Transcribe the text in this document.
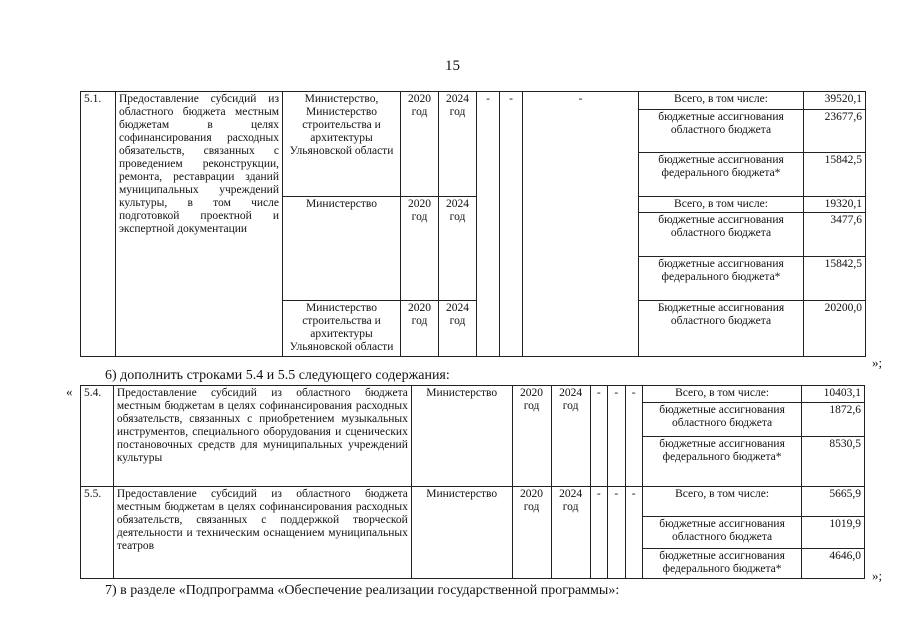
15
5.1.	Предоставление субсидий из областного бюджета местным бюджетам в целях софинансирования расходных обязательств, связанных с проведением реконструкции, ремонта, реставрации зданий муниципальных учреждений культуры, в том числе подготовкой проектной и экспертной документации	Министерство, Министерство строительства и архитектуры Ульяновской области	2020 год	2024 год	-	-	-	Всего, в том числе:	39520,1
								бюджетные ассигнования областного бюджета	23677,6
								бюджетные ассигнования федерального бюджета*	15842,5
		Министерство	2020 год	2024 год				Всего, в том числе:	19320,1
								бюджетные ассигнования областного бюджета	3477,6
								бюджетные ассигнования федерального бюджета*	15842,5
		Министерство строительства и архитектуры Ульяновской области	2020 год	2024 год				Бюджетные ассигнования областного бюджета	20200,0
»;
6) дополнить строками 5.4 и 5.5 следующего содержания:
« 5.4.	Предоставление субсидий из областного бюджета местным бюджетам в целях софинансирования расходных обязательств, связанных с приобретением музыкальных инструментов, специального оборудования и сценических постановочных средств для муниципальных учреждений культуры	Министерство	2020 год	2024 год	-	-	-	Всего, в том числе:	10403,1
								бюджетные ассигнования областного бюджета	1872,6
								бюджетные ассигнования федерального бюджета*	8530,5
5.5.	Предоставление субсидий из областного бюджета местным бюджетам в целях софинансирования расходных обязательств, связанных с поддержкой творческой деятельности и техническим оснащением муниципальных театров	Министерство	2020 год	2024 год	-	-	-	Всего, в том числе:	5665,9
								бюджетные ассигнования областного бюджета	1019,9
								бюджетные ассигнования федерального бюджета*	4646,0
»;
7) в разделе «Подпрограмма «Обеспечение реализации государственной программы»:
